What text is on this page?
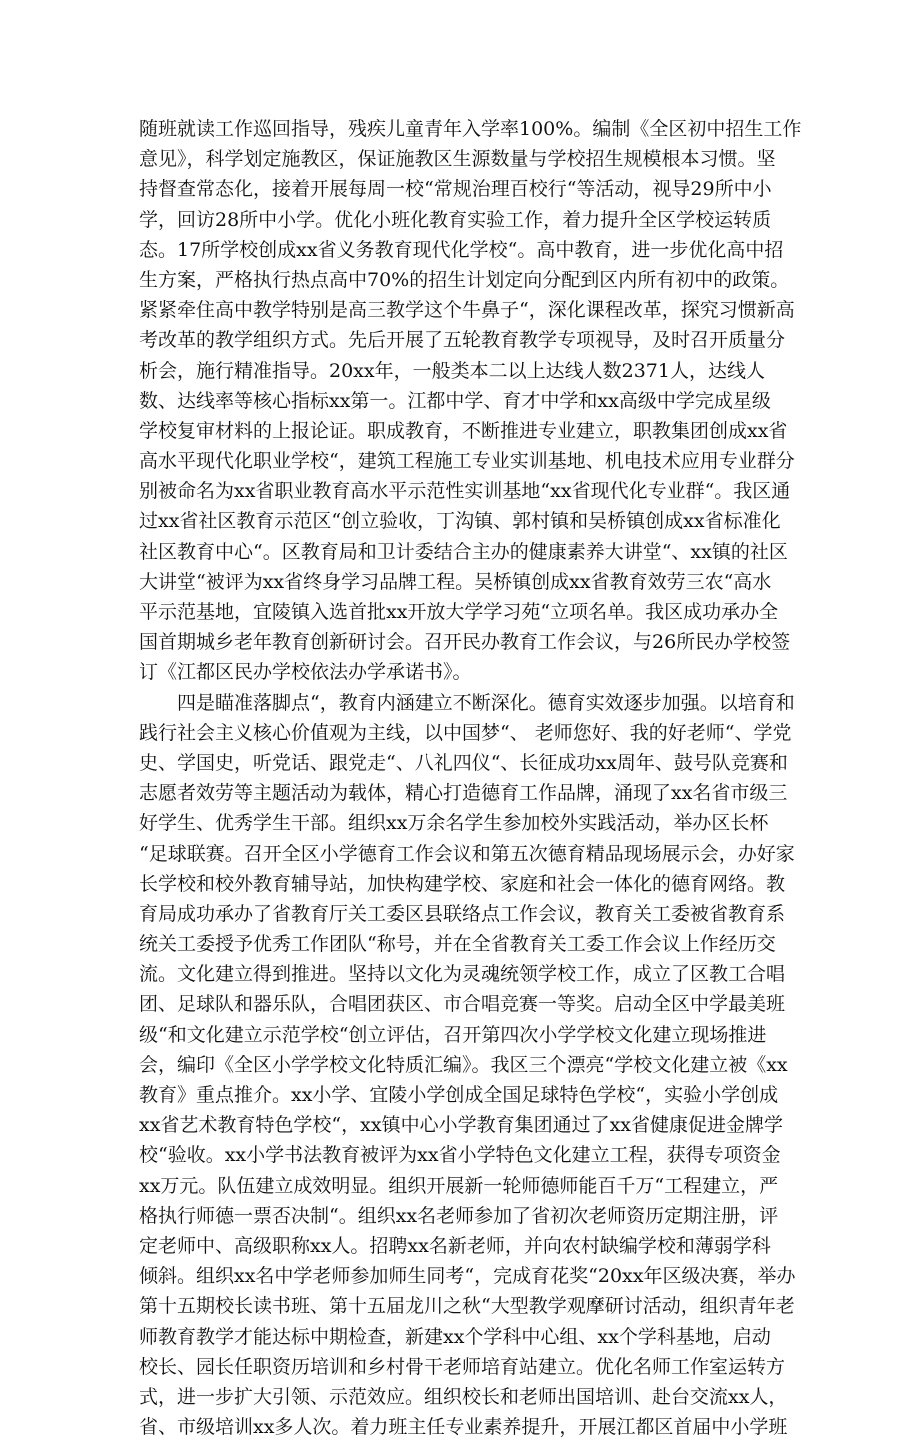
随班就读工作巡回指导，残疾儿童青年入学率100%。编制《全区初中招生工作
意见》，科学划定施教区，保证施教区生源数量与学校招生规模根本习惯。坚
持督查常态化，接着开展每周一校“常规治理百校行“等活动，视导29所中小
学，回访28所中小学。优化小班化教育实验工作，着力提升全区学校运转质
态。17所学校创成xx省义务教育现代化学校“。高中教育，进一步优化高中招
生方案，严格执行热点高中70%的招生计划定向分配到区内所有初中的政策。
紧紧牵住高中教学特别是高三教学这个牛鼻子“，深化课程改革，探究习惯新高
考改革的教学组织方式。先后开展了五轮教育教学专项视导，及时召开质量分
析会，施行精准指导。20xx年，一般类本二以上达线人数2371人，达线人
数、达线率等核心指标xx第一。江都中学、育才中学和xx高级中学完成星级
学校复审材料的上报论证。职成教育，不断推进专业建立，职教集团创成xx省
高水平现代化职业学校“，建筑工程施工专业实训基地、机电技术应用专业群分
别被命名为xx省职业教育高水平示范性实训基地“xx省现代化专业群“。我区通
过xx省社区教育示范区“创立验收，丁沟镇、郭村镇和吴桥镇创成xx省标准化
社区教育中心“。区教育局和卫计委结合主办的健康素养大讲堂“、xx镇的社区
大讲堂“被评为xx省终身学习品牌工程。吴桥镇创成xx省教育效劳三农“高水
平示范基地，宜陵镇入选首批xx开放大学学习苑“立项名单。我区成功承办全
国首期城乡老年教育创新研讨会。召开民办教育工作会议，与26所民办学校签
订《江都区民办学校依法办学承诺书》。
四是瞄准落脚点“，教育内涵建立不断深化。德育实效逐步加强。以培育和
践行社会主义核心价值观为主线，以中国梦“、 老师您好、我的好老师“、学党
史、学国史，听党话、跟党走“、八礼四仪“、长征成功xx周年、鼓号队竞赛和
志愿者效劳等主题活动为载体，精心打造德育工作品牌，涌现了xx名省市级三
好学生、优秀学生干部。组织xx万余名学生参加校外实践活动，举办区长杯
“足球联赛。召开全区小学德育工作会议和第五次德育精品现场展示会，办好家
长学校和校外教育辅导站，加快构建学校、家庭和社会一体化的德育网络。教
育局成功承办了省教育厅关工委区县联络点工作会议，教育关工委被省教育系
统关工委授予优秀工作团队“称号，并在全省教育关工委工作会议上作经历交
流。文化建立得到推进。坚持以文化为灵魂统领学校工作，成立了区教工合唱
团、足球队和器乐队，合唱团获区、市合唱竞赛一等奖。启动全区中学最美班
级“和文化建立示范学校“创立评估，召开第四次小学学校文化建立现场推进
会，编印《全区小学学校文化特质汇编》。我区三个漂亮“学校文化建立被《xx
教育》重点推介。xx小学、宜陵小学创成全国足球特色学校“，实验小学创成
xx省艺术教育特色学校“，xx镇中心小学教育集团通过了xx省健康促进金牌学
校“验收。xx小学书法教育被评为xx省小学特色文化建立工程，获得专项资金
xx万元。队伍建立成效明显。组织开展新一轮师德师能百千万“工程建立，严
格执行师德一票否决制“。组织xx名老师参加了省初次老师资历定期注册，评
定老师中、高级职称xx人。招聘xx名新老师，并向农村缺编学校和薄弱学科
倾斜。组织xx名中学老师参加师生同考“，完成育花奖“20xx年区级决赛，举办
第十五期校长读书班、第十五届龙川之秋“大型教学观摩研讨活动，组织青年老
师教育教学才能达标中期检查，新建xx个学科中心组、xx个学科基地，启动
校长、园长任职资历培训和乡村骨干老师培育站建立。优化名师工作室运转方
式，进一步扩大引领、示范效应。组织校长和老师出国培训、赴台交流xx人，
省、市级培训xx多人次。着力班主任专业素养提升，开展江都区首届中小学班
